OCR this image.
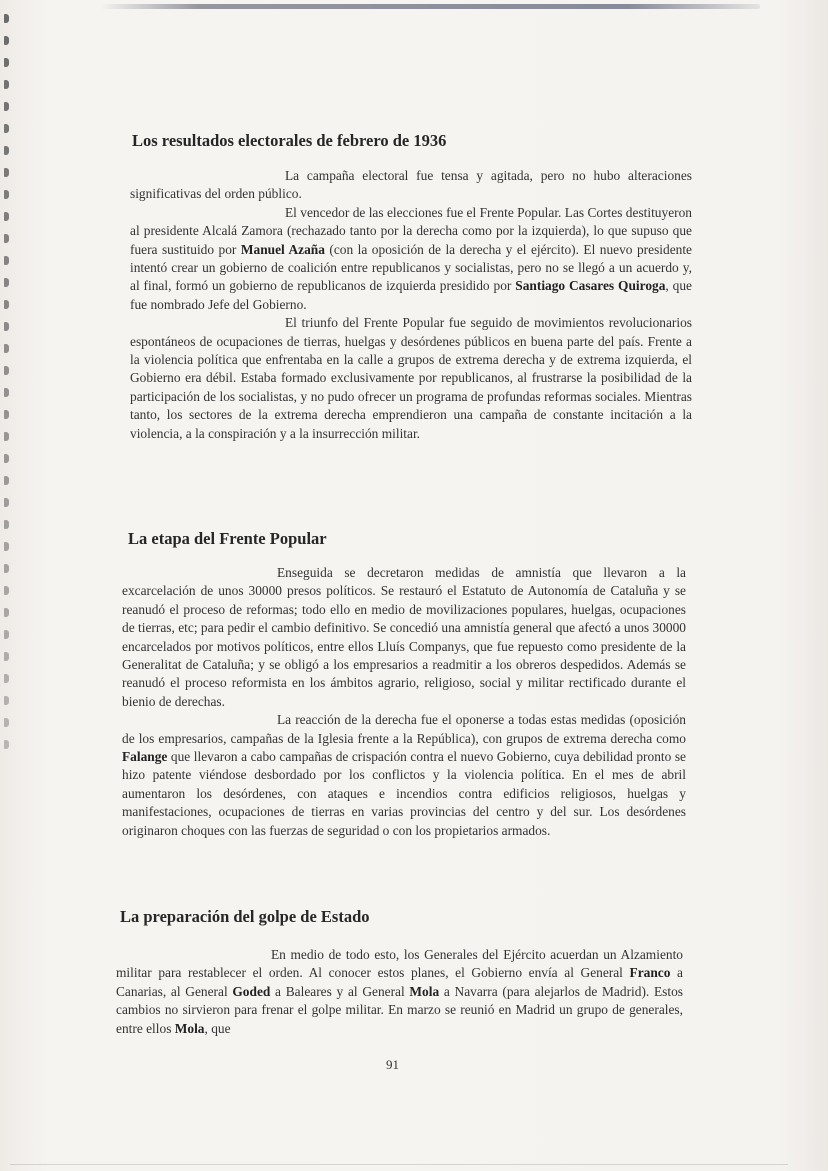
Los resultados electorales de febrero de 1936

La campaña electoral fue tensa y agitada, pero no hubo alteraciones significativas del orden público.

El vencedor de las elecciones fue el Frente Popular. Las Cortes destituyeron al presidente Alcalá Zamora (rechazado tanto por la derecha como por la izquierda), lo que supuso que fuera sustituido por Manuel Azaña (con la oposición de la derecha y el ejército). El nuevo presidente intentó crear un gobierno de coalición entre republicanos y socialistas, pero no se llegó a un acuerdo y, al final, formó un gobierno de republicanos de izquierda presidido por Santiago Casares Quiroga, que fue nombrado Jefe del Gobierno.

El triunfo del Frente Popular fue seguido de movimientos revolucionarios espontáneos de ocupaciones de tierras, huelgas y desórdenes públicos en buena parte del país. Frente a la violencia política que enfrentaba en la calle a grupos de extrema derecha y de extrema izquierda, el Gobierno era débil. Estaba formado exclusivamente por republicanos, al frustrarse la posibilidad de la participación de los socialistas, y no pudo ofrecer un programa de profundas reformas sociales. Mientras tanto, los sectores de la extrema derecha emprendieron una campaña de constante incitación a la violencia, a la conspiración y a la insurrección militar.

La etapa del Frente Popular

Enseguida se decretaron medidas de amnistía que llevaron a la excarcelación de unos 30000 presos políticos. Se restauró el Estatuto de Autonomía de Cataluña y se reanudó el proceso de reformas; todo ello en medio de movilizaciones populares, huelgas, ocupaciones de tierras, etc; para pedir el cambio definitivo. Se concedió una amnistía general que afectó a unos 30000 encarcelados por motivos políticos, entre ellos Lluís Companys, que fue repuesto como presidente de la Generalitat de Cataluña; y se obligó a los empresarios a readmitir a los obreros despedidos. Además se reanudó el proceso reformista en los ámbitos agrario, religioso, social y militar rectificado durante el bienio de derechas.

La reacción de la derecha fue el oponerse a todas estas medidas (oposición de los empresarios, campañas de la Iglesia frente a la República), con grupos de extrema derecha como Falange que llevaron a cabo campañas de crispación contra el nuevo Gobierno, cuya debilidad pronto se hizo patente viéndose desbordado por los conflictos y la violencia política. En el mes de abril aumentaron los desórdenes, con ataques e incendios contra edificios religiosos, huelgas y manifestaciones, ocupaciones de tierras en varias provincias del centro y del sur. Los desórdenes originaron choques con las fuerzas de seguridad o con los propietarios armados.

La preparación del golpe de Estado

En medio de todo esto, los Generales del Ejército acuerdan un Alzamiento militar para restablecer el orden. Al conocer estos planes, el Gobierno envía al General Franco a Canarias, al General Goded a Baleares y al General Mola a Navarra (para alejarlos de Madrid). Estos cambios no sirvieron para frenar el golpe militar. En marzo se reunió en Madrid un grupo de generales, entre ellos Mola, que

91
